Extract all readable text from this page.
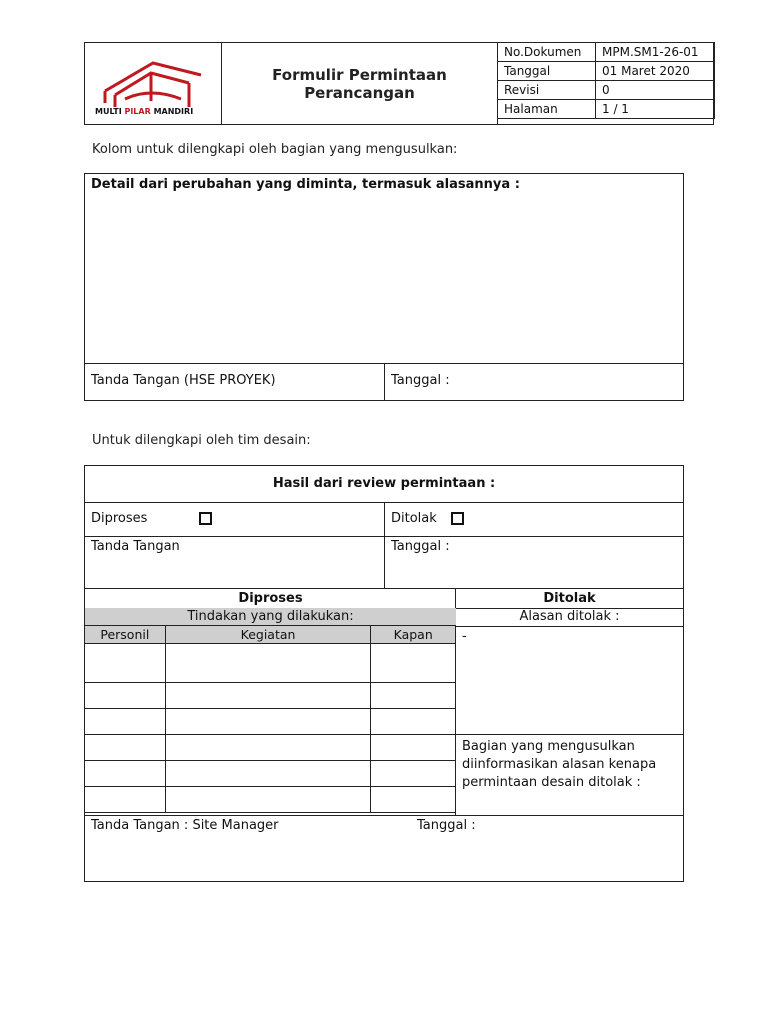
MULTI PILAR MANDIRI
Formulir Permintaan
Perancangan
No.Dokumen	MPM.SM1-26-01
Tanggal	01 Maret 2020
Revisi	0
Halaman	1 / 1
Kolom untuk dilengkapi oleh bagian yang mengusulkan:
Detail dari perubahan yang diminta, termasuk alasannya :
Tanda Tangan (HSE PROYEK)	Tanggal :
Untuk dilengkapi oleh tim desain:
Hasil dari review permintaan :
Diproses	Ditolak
Tanda Tangan	Tanggal :
Diproses
Tindakan yang dilakukan:
Personil	Kegiatan	Kapan

Ditolak
Alasan ditolak :
-
Bagian yang mengusulkan diinformasikan alasan kenapa permintaan desain ditolak :
Tanda Tangan : Site Manager	Tanggal :
